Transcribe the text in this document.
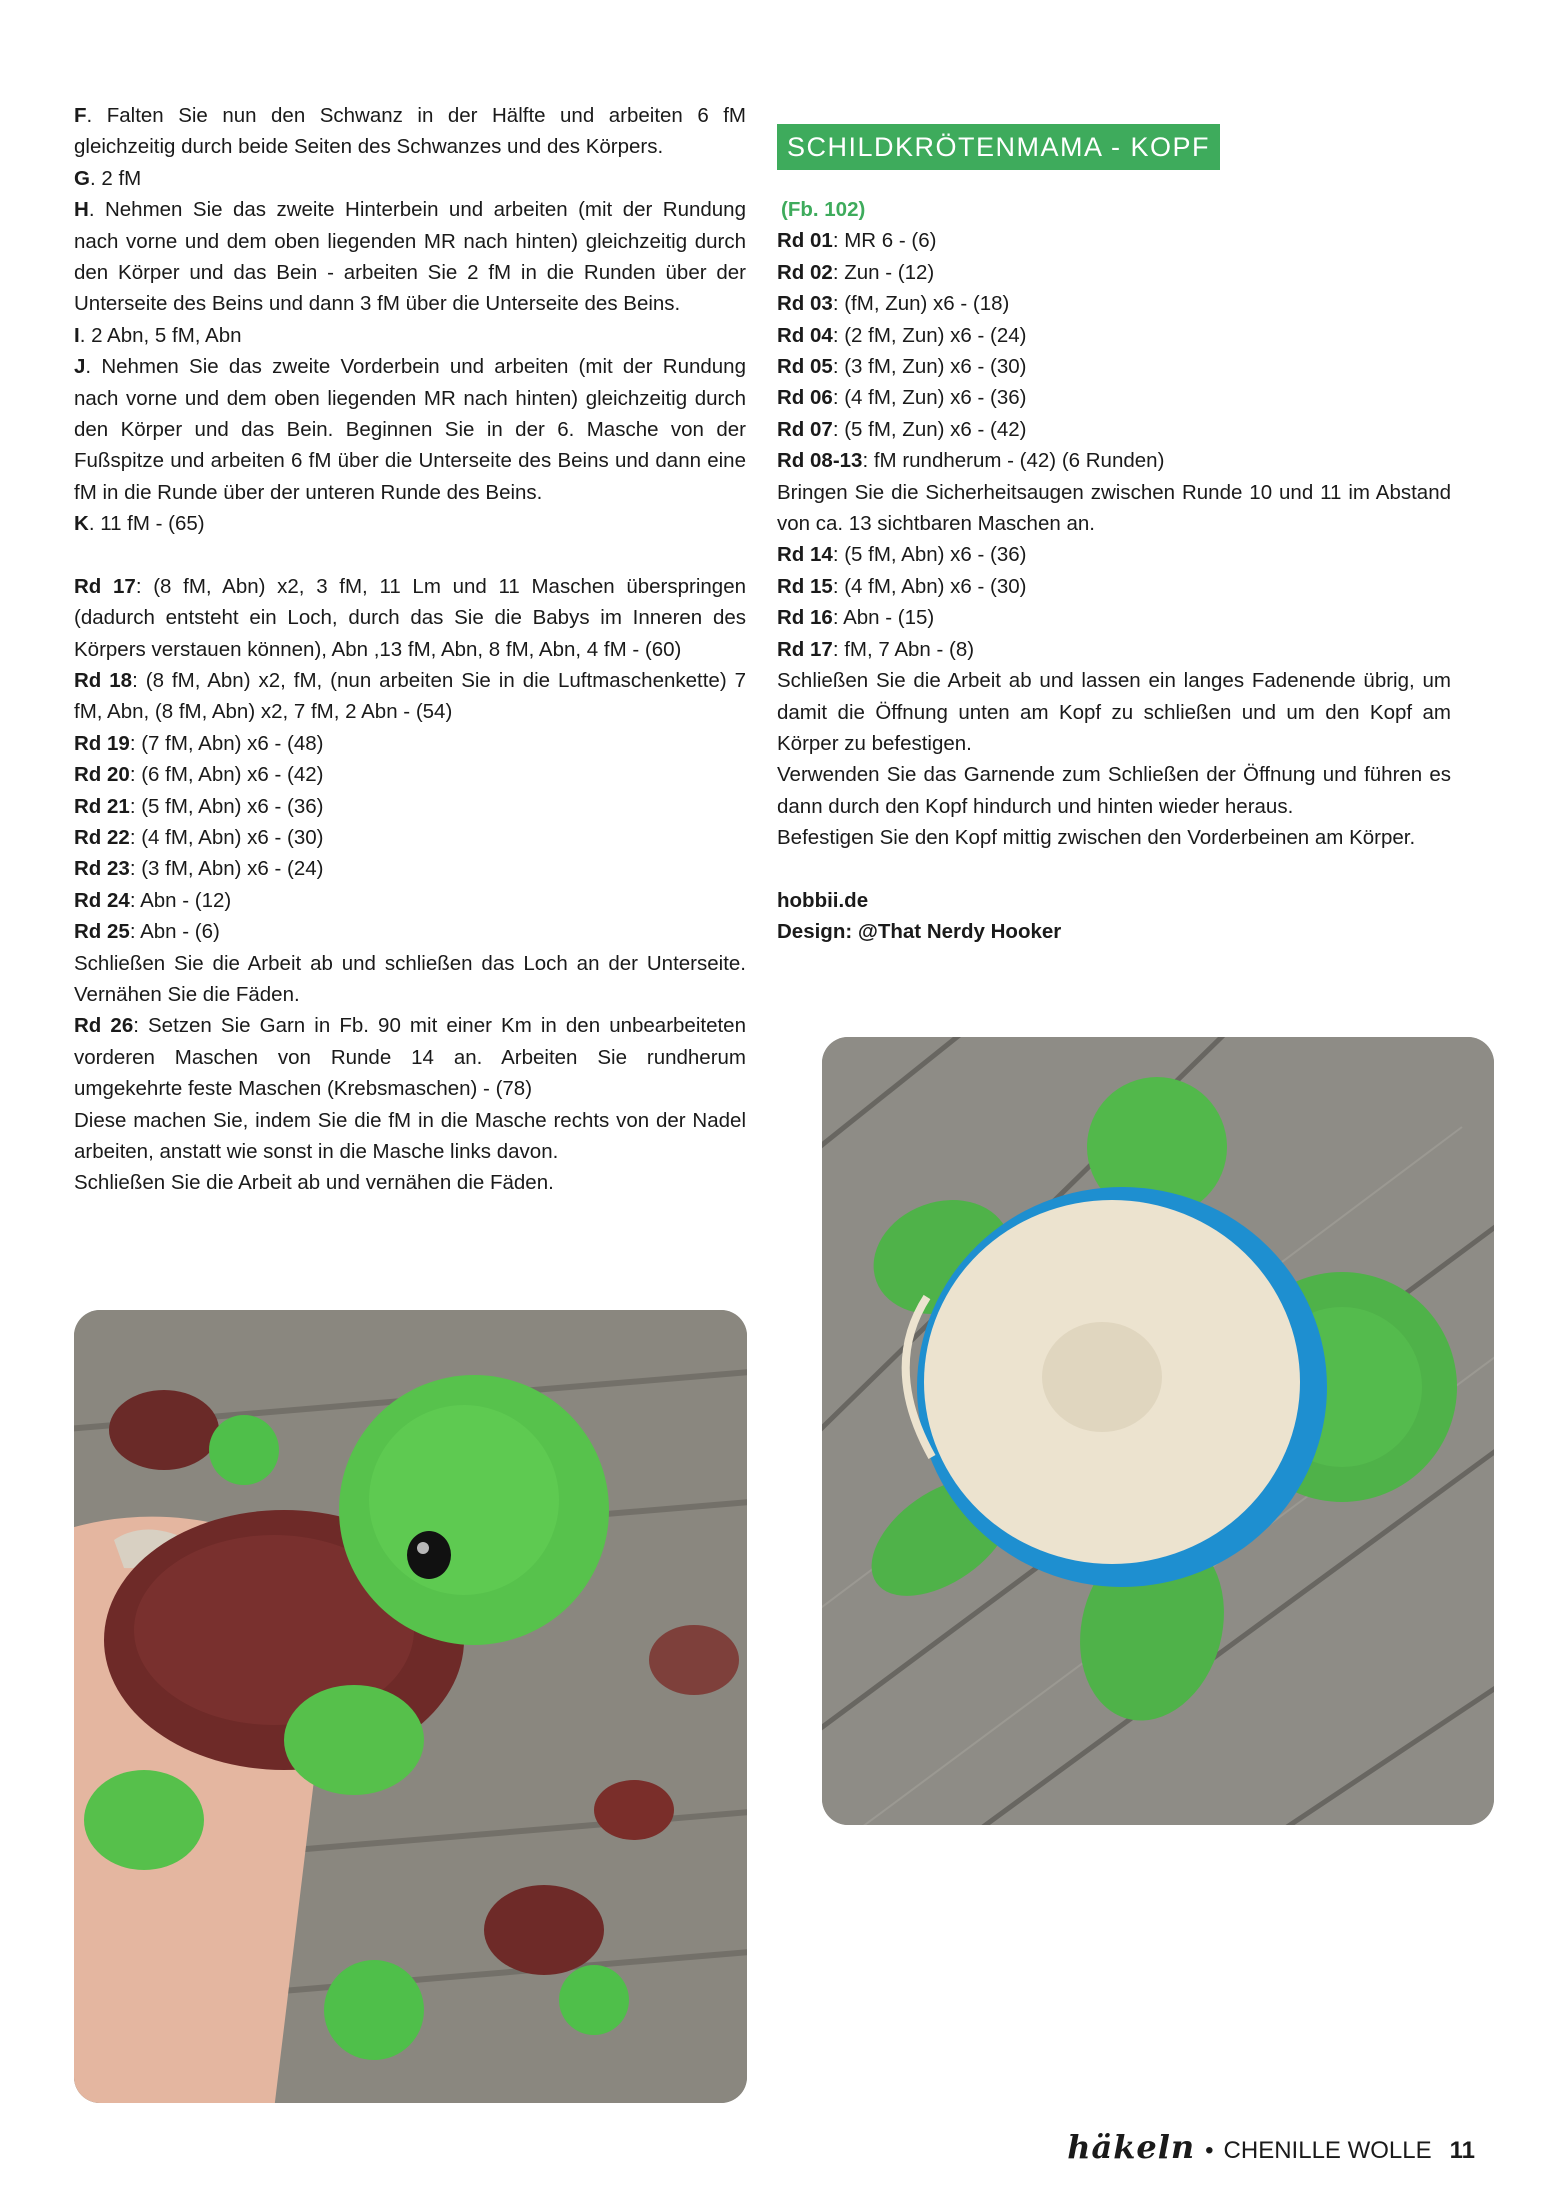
F. Falten Sie nun den Schwanz in der Hälfte und arbeiten 6 fM gleichzeitig durch beide Seiten des Schwanzes und des Körpers.

G. 2 fM

H. Nehmen Sie das zweite Hinterbein und arbeiten (mit der Rundung nach vorne und dem oben liegenden MR nach hinten) gleichzeitig durch den Körper und das Bein - arbeiten Sie 2 fM in die Runden über der Unterseite des Beins und dann 3 fM über die Unterseite des Beins.

I. 2 Abn, 5 fM, Abn

J. Nehmen Sie das zweite Vorderbein und arbeiten (mit der Rundung nach vorne und dem oben liegenden MR nach hinten) gleichzeitig durch den Körper und das Bein. Beginnen Sie in der 6. Masche von der Fußspitze und arbeiten 6 fM über die Unterseite des Beins und dann eine fM in die Runde über der unteren Runde des Beins.

K. 11 fM - (65)

Rd 17: (8 fM, Abn) x2, 3 fM, 11 Lm und 11 Maschen überspringen (dadurch entsteht ein Loch, durch das Sie die Babys im Inneren des Körpers verstauen können), Abn ,13 fM, Abn, 8 fM, Abn, 4 fM - (60)

Rd 18: (8 fM, Abn) x2, fM, (nun arbeiten Sie in die Luftmaschenkette) 7 fM, Abn, (8 fM, Abn) x2, 7 fM, 2 Abn - (54)

Rd 19: (7 fM, Abn) x6 - (48)

Rd 20: (6 fM, Abn) x6 - (42)

Rd 21: (5 fM, Abn) x6 - (36)

Rd 22: (4 fM, Abn) x6 - (30)

Rd 23: (3 fM, Abn) x6 - (24)

Rd 24: Abn - (12)

Rd 25: Abn - (6)

Schließen Sie die Arbeit ab und schließen das Loch an der Unterseite. Vernähen Sie die Fäden.

Rd 26: Setzen Sie Garn in Fb. 90 mit einer Km in den unbearbeiteten vorderen Maschen von Runde 14 an. Arbeiten Sie rundherum umgekehrte feste Maschen (Krebsmaschen) - (78)

Diese machen Sie, indem Sie die fM in die Masche rechts von der Nadel arbeiten, anstatt wie sonst in die Masche links davon.

Schließen Sie die Arbeit ab und vernähen die Fäden.

SCHILDKRÖTENMAMA - KOPF

(Fb. 102)

Rd 01: MR 6 - (6)

Rd 02: Zun - (12)

Rd 03: (fM, Zun) x6 - (18)

Rd 04: (2 fM, Zun) x6 - (24)

Rd 05: (3 fM, Zun) x6 - (30)

Rd 06: (4 fM, Zun) x6 - (36)

Rd 07: (5 fM, Zun) x6 - (42)

Rd 08-13: fM rundherum - (42) (6 Runden)

Bringen Sie die Sicherheitsaugen zwischen Runde 10 und 11 im Abstand von ca. 13 sichtbaren Maschen an.

Rd 14: (5 fM, Abn) x6 - (36)

Rd 15: (4 fM, Abn) x6 - (30)

Rd 16: Abn - (15)

Rd 17: fM, 7 Abn - (8)

Schließen Sie die Arbeit ab und lassen ein langes Fadenende übrig, um damit die Öffnung unten am Kopf zu schließen und um den Kopf am Körper zu befestigen.

Verwenden Sie das Garnende zum Schließen der Öffnung und führen es dann durch den Kopf hindurch und hinten wieder heraus.

Befestigen Sie den Kopf mittig zwischen den Vorderbeinen am Körper.

hobbii.de

Design: @That Nerdy Hooker

häkeln • CHENILLE WOLLE 11
